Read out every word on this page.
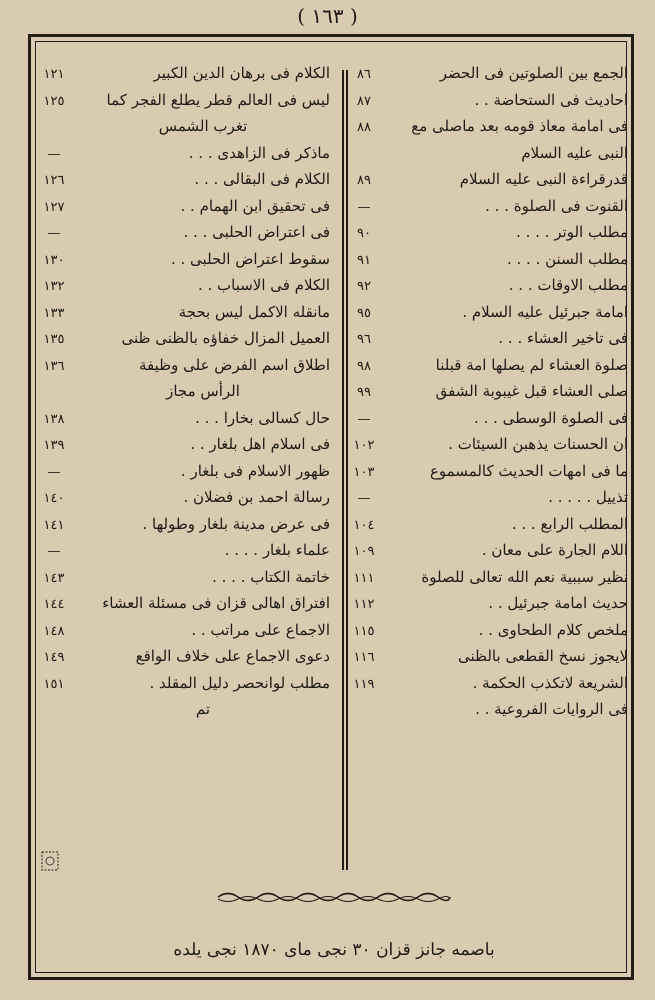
( ١٦٣ )
الجمع بين الصلوتين فى الحضر
٨٦
احاديث فى الستحاضة . .
٨٧
فى امامة معاذ قومه بعد ماصلى مع
٨٨
النبى عليه السلام
قدرقراءة النبى عليه السلام
٨٩
القنوت فى الصلوة . . .
—
مطلب الوتر . . . .
٩٠
مطلب السنن . . . .
٩١
مطلب الاوقات . . .
٩٢
امامة جبرئيل عليه السلام .
٩٥
فى تاخير العشاء . . .
٩٦
صلوة العشاء لم يصلها امة قبلنا
٩٨
صلى العشاء قبل غيبوبة الشفق
٩٩
فى الصلوة الوسطى . . .
—
ان الحسنات يذهبن السيئات .
١٠٢
ما فى امهات الحديث كالمسموع
١٠٣
تذييل . . . . .
—
المطلب الرابع . . .
١٠٤
اللام الجارة على معان .
١٠٩
نظير سببية نعم الله تعالى للصلوة
١١١
حديث امامة جبرئيل . .
١١٢
ملخص كلام الطحاوى . .
١١٥
لايجوز نسخ القطعى بالظنى
١١٦
الشريعة لاتكذب الحكمة .
١١٩
فى الروايات الفروعية . .
الكلام فى برهان الدين الكبير
١٢١
ليس فى العالم قطر يطلع الفجر كما
١٢٥
تغرب الشمس
ماذكر فى الزاهدى . . .
—
الكلام فى البقالى . . .
١٢٦
فى تحقيق ابن الهمام . .
١٢٧
فى اعتراض الحلبى . . .
—
سقوط اعتراض الحلبى . .
١٣٠
الكلام فى الاسباب . .
١٣٢
مانقله الاكمل ليس بحجة
١٣٣
العميل المزال خفاؤه بالظنى ظنى
١٣٥
اطلاق اسم الفرض على وظيفة
١٣٦
الرأس مجاز
حال كسالى بخارا . . .
١٣٨
فى اسلام اهل بلغار . .
١٣٩
ظهور الاسلام فى بلغار .
—
رسالة احمد بن فضلان .
١٤٠
فى عرض مدينة بلغار وطولها .
١٤١
علماء بلغار . . . .
—
خاتمة الكتاب . . . .
١٤٣
افتراق اهالى قزان فى مسئلة العشاء
١٤٤
الاجماع على مراتب . .
١٤٨
دعوى الاجماع على خلاف الواقع
١٤٩
مطلب لوانحصر دليل المقلد .
١٥١
تم
باصمه جانز قزان ٣٠ نجى ماى ١٨٧٠ نجى يلده
